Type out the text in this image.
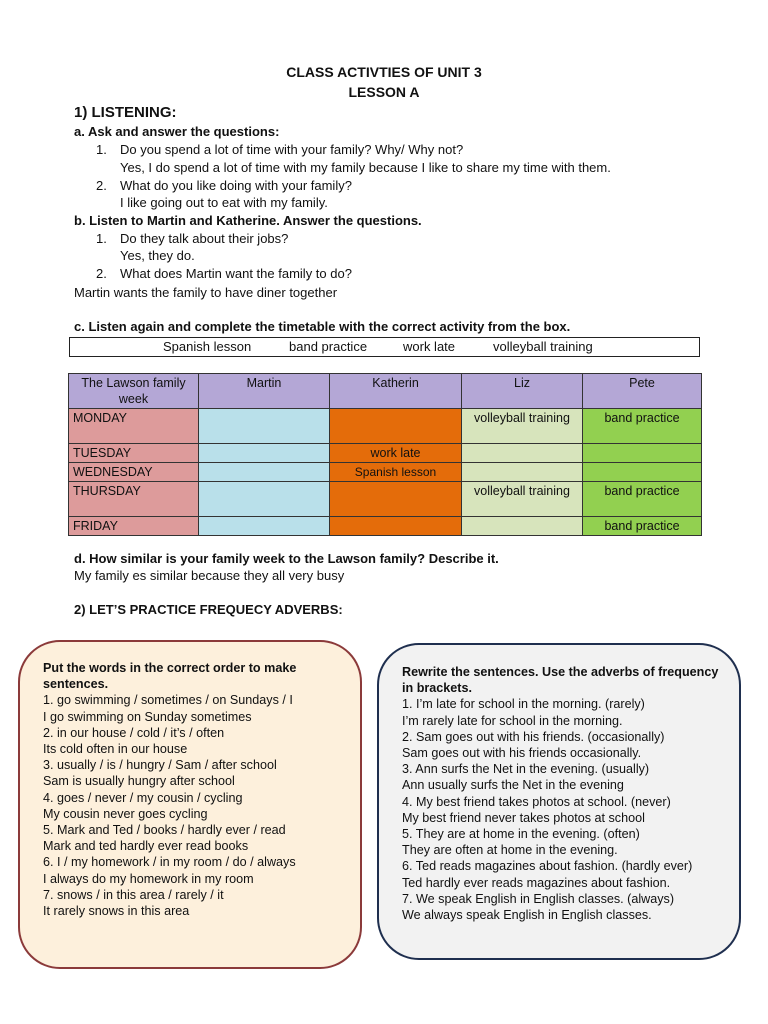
CLASS ACTIVTIES OF UNIT 3
LESSON A
1) LISTENING:
a. Ask and answer the questions:
1. Do you spend a lot of time with your family? Why/ Why not?
Yes, I do spend a lot of time with my family because I like to share my time with them.
2. What do you like doing with your family?
I like going out to eat with my family.
b. Listen to Martin and Katherine. Answer the questions.
1. Do they talk about their jobs?
Yes, they do.
2. What does Martin want the family to do?
Martin wants the family to have diner together
c. Listen again and complete the timetable with the correct activity from the box.
Spanish lesson	band practice	work late	volleyball training
The Lawson family week	Martin	Katherin	Liz	Pete
MONDAY			volleyball training	band practice
TUESDAY		work late		
WEDNESDAY		Spanish lesson		
THURSDAY			volleyball training	band practice
FRIDAY				band practice
d. How similar is your family week to the Lawson family? Describe it.
My family es similar because they all very busy
2) LET’S PRACTICE FREQUECY ADVERBS:
Put the words in the correct order to make
sentences.
1. go swimming / sometimes / on Sundays / I
I go swimming on Sunday sometimes
2. in our house / cold / it’s / often
Its cold often in our house
3. usually / is / hungry / Sam / after school
Sam is usually hungry after school
4. goes / never / my cousin / cycling
My cousin never goes cycling
5. Mark and Ted / books / hardly ever / read
Mark and ted hardly ever read books
6. I / my homework / in my room / do / always
I always do my homework in my room
7. snows / in this area / rarely / it
It rarely snows in this area
Rewrite the sentences. Use the adverbs of frequency
in brackets.
1. I’m late for school in the morning. (rarely)
I’m rarely late for school in the morning.
2. Sam goes out with his friends. (occasionally)
Sam goes out with his friends occasionally.
3. Ann surfs the Net in the evening. (usually)
Ann usually surfs the Net in the evening
4. My best friend takes photos at school. (never)
My best friend never takes photos at school
5. They are at home in the evening. (often)
They are often at home in the evening.
6. Ted reads magazines about fashion. (hardly ever)
Ted hardly ever reads magazines about fashion.
7. We speak English in English classes. (always)
We always speak English in English classes.
